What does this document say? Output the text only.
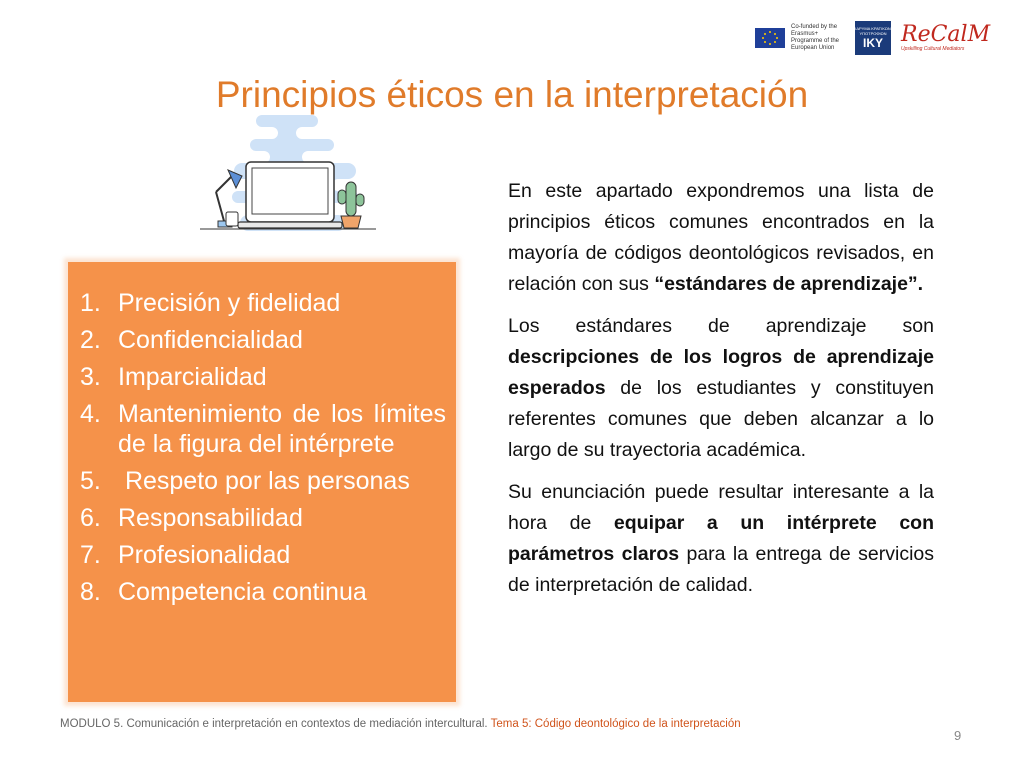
Co-funded by the Erasmus+ Programme of the European Union
ΙΔΡΥΜΑ ΚΡΑΤΙΚΩΝ ΥΠΟΤΡΟΦΙΩΝ
IKY ReCalM
Upskilling Cultural Mediators
Principios éticos en la interpretación
1. Precisión y fidelidad
2. Confidencialidad
3. Imparcialidad
4. Mantenimiento de los límites de la figura del intérprete
5. Respeto por las personas
6. Responsabilidad
7. Profesionalidad
8. Competencia continua

En este apartado expondremos una lista de principios éticos comunes encontrados en la mayoría de códigos deontológicos revisados, en relación con sus “estándares de aprendizaje”.

Los estándares de aprendizaje son descripciones de los logros de aprendizaje esperados de los estudiantes y constituyen referentes comunes que deben alcanzar a lo largo de su trayectoria académica.

Su enunciación puede resultar interesante a la hora de equipar a un intérprete con parámetros claros para la entrega de servicios de interpretación de calidad.

MODULO 5. Comunicación e interpretación en contextos de mediación intercultural. Tema 5: Código deontológico de la interpretación
9
